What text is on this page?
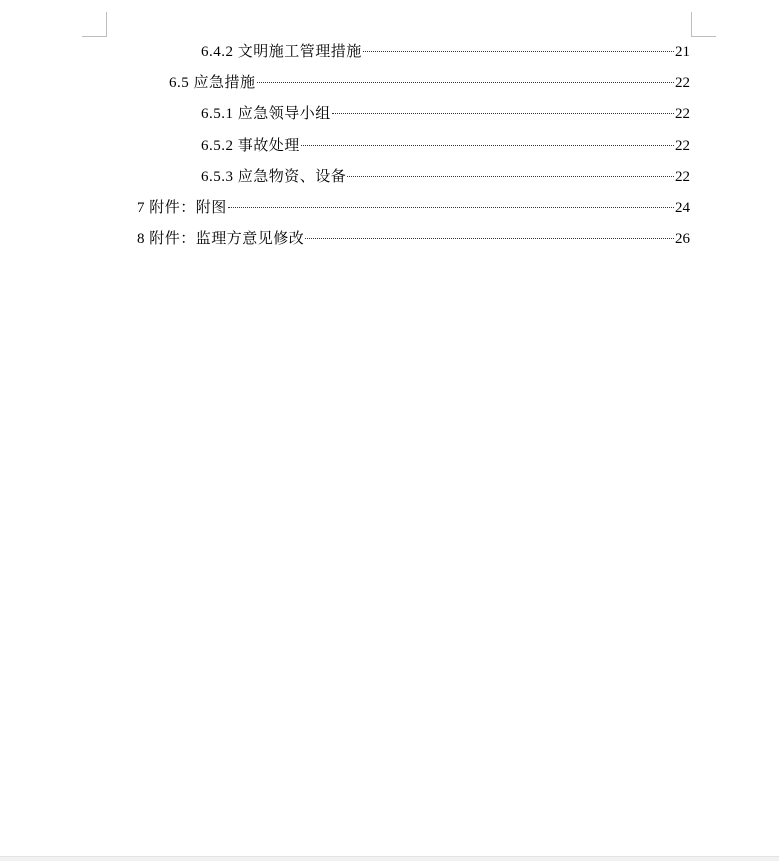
6.4.2 文明施工管理措施	21
6.5 应急措施	22
6.5.1 应急领导小组	22
6.5.2 事故处理	22
6.5.3 应急物资、设备	22
7 附件：附图	24
8 附件：监理方意见修改	26
